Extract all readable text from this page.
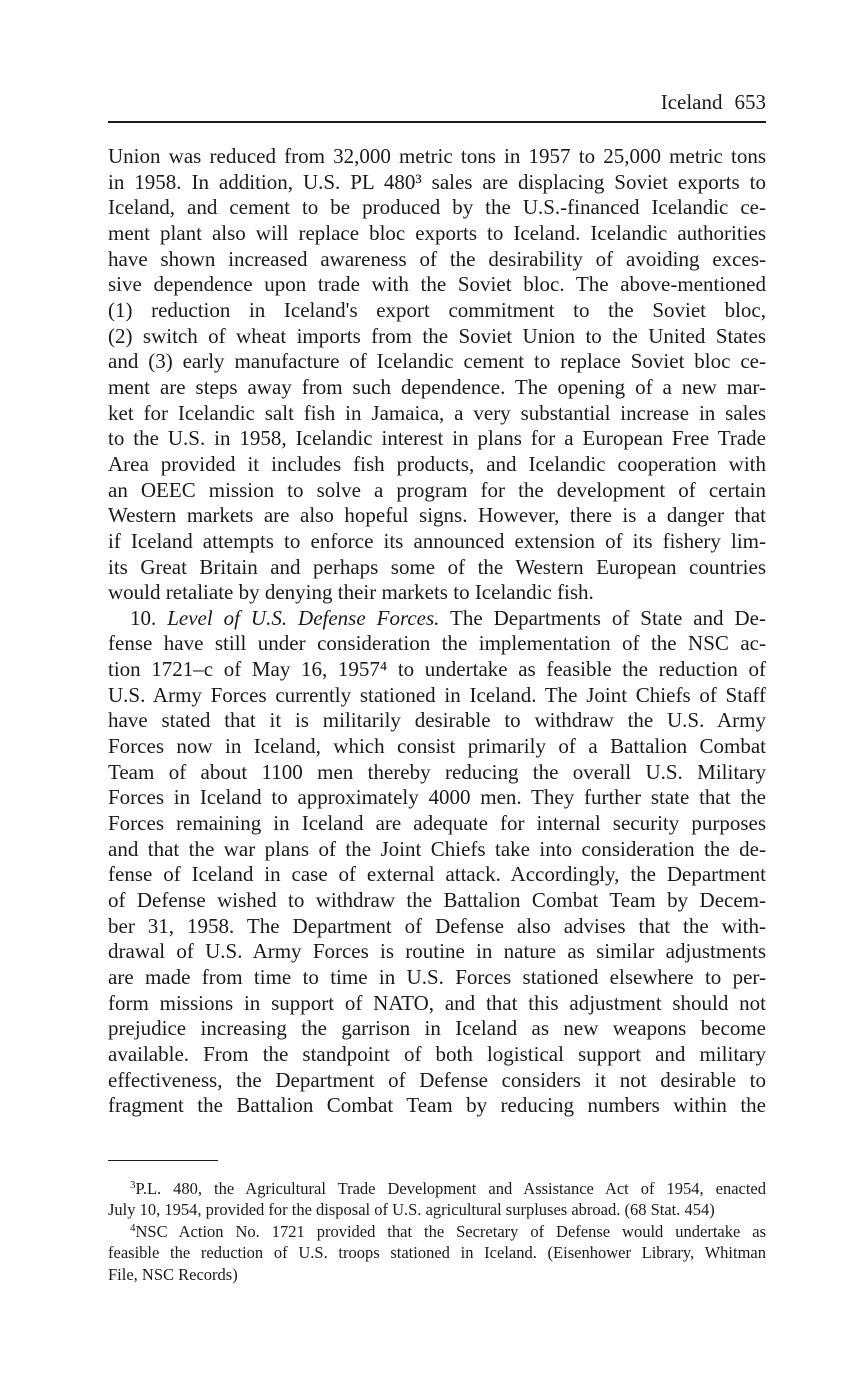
Iceland 653
Union was reduced from 32,000 metric tons in 1957 to 25,000 metric tons
in 1958. In addition, U.S. PL 480³ sales are displacing Soviet exports to
Iceland, and cement to be produced by the U.S.-financed Icelandic ce-
ment plant also will replace bloc exports to Iceland. Icelandic authorities
have shown increased awareness of the desirability of avoiding exces-
sive dependence upon trade with the Soviet bloc. The above-mentioned
(1) reduction in Iceland's export commitment to the Soviet bloc,
(2) switch of wheat imports from the Soviet Union to the United States
and (3) early manufacture of Icelandic cement to replace Soviet bloc ce-
ment are steps away from such dependence. The opening of a new mar-
ket for Icelandic salt fish in Jamaica, a very substantial increase in sales
to the U.S. in 1958, Icelandic interest in plans for a European Free Trade
Area provided it includes fish products, and Icelandic cooperation with
an OEEC mission to solve a program for the development of certain
Western markets are also hopeful signs. However, there is a danger that
if Iceland attempts to enforce its announced extension of its fishery lim-
its Great Britain and perhaps some of the Western European countries
would retaliate by denying their markets to Icelandic fish.
10. Level of U.S. Defense Forces. The Departments of State and De-
fense have still under consideration the implementation of the NSC ac-
tion 1721–c of May 16, 1957⁴ to undertake as feasible the reduction of
U.S. Army Forces currently stationed in Iceland. The Joint Chiefs of Staff
have stated that it is militarily desirable to withdraw the U.S. Army
Forces now in Iceland, which consist primarily of a Battalion Combat
Team of about 1100 men thereby reducing the overall U.S. Military
Forces in Iceland to approximately 4000 men. They further state that the
Forces remaining in Iceland are adequate for internal security purposes
and that the war plans of the Joint Chiefs take into consideration the de-
fense of Iceland in case of external attack. Accordingly, the Department
of Defense wished to withdraw the Battalion Combat Team by Decem-
ber 31, 1958. The Department of Defense also advises that the with-
drawal of U.S. Army Forces is routine in nature as similar adjustments
are made from time to time in U.S. Forces stationed elsewhere to per-
form missions in support of NATO, and that this adjustment should not
prejudice increasing the garrison in Iceland as new weapons become
available. From the standpoint of both logistical support and military
effectiveness, the Department of Defense considers it not desirable to
fragment the Battalion Combat Team by reducing numbers within the
$^3$P.L. 480, the Agricultural Trade Development and Assistance Act of 1954, enacted
July 10, 1954, provided for the disposal of U.S. agricultural surpluses abroad. (68 Stat. 454)
$^4$NSC Action No. 1721 provided that the Secretary of Defense would undertake as
feasible the reduction of U.S. troops stationed in Iceland. (Eisenhower Library, Whitman
File, NSC Records)
